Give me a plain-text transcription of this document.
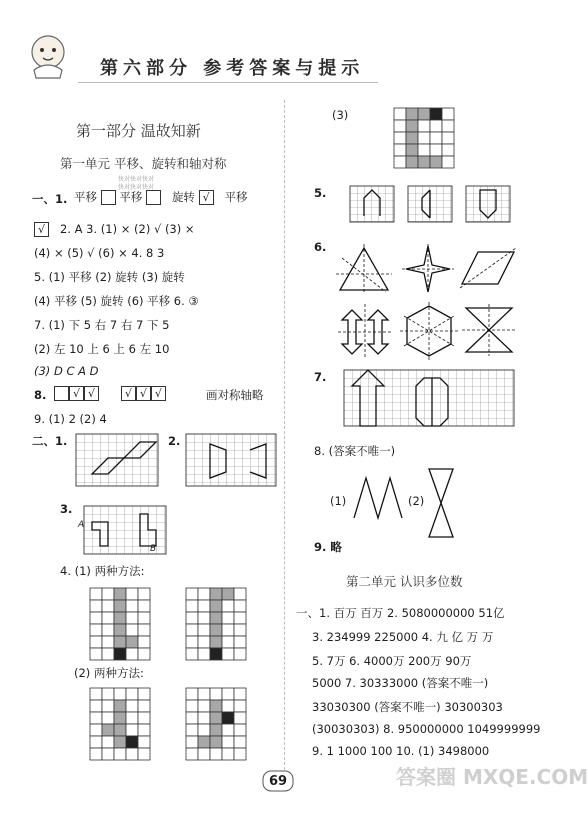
第六部分 参考答案与提示
第一部分 温故知新
第一单元 平移、旋转和轴对称
快对快对快对
快对快对快对
一、1. 平移 平移	旋转 √ 平移
√	2. A 3. (1) × (2) √ (3) ×
(4) × (5) √ (6) × 4. 8 3
5. (1) 平移 (2) 旋转 (3) 旋转
(4) 平移 (5) 旋转 (6) 平移 6. ③
7. (1) 下 5 右 7 右 7 下 5
(2) 左 10 上 6 上 6 左 10
(3) D C A D
8.	√ √	√ √ √	画对称轴略
9. (1) 2 (2) 4
二、1.	2.
3.
A
B
4. (1) 两种方法:
(2) 两种方法:
(3)
5.
6.
7.
8. (答案不唯一)
(1)	(2)
9. 略
第二单元 认识多位数
一、1. 百万 百万 2. 5080000000 51亿
3. 234999 225000 4. 九 亿 万 万
5. 7万 6. 4000万 200万 90万
5000 7. 30333000 (答案不唯一)
33030300 (答案不唯一) 30300303
(30030303) 8. 950000000 1049999999
9. 1 1000 100 10. (1) 3498000
69	答案圈 MXQE.COM
